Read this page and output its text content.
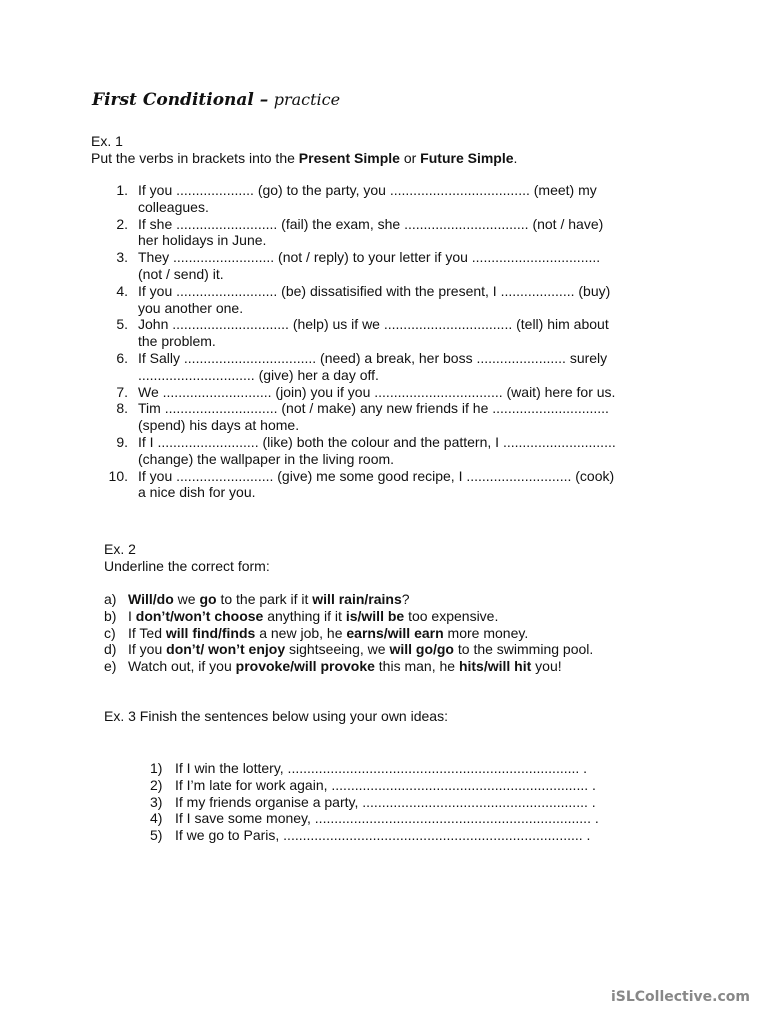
First Conditional – practice
Ex. 1
Put the verbs in brackets into the Present Simple or Future Simple.
1. If you .................... (go) to the party, you .................................... (meet) my
colleagues.
2. If she .......................... (fail) the exam, she ................................ (not / have)
her holidays in June.
3. They .......................... (not / reply) to your letter if you .................................
(not / send) it.
4. If you .......................... (be) dissatisified with the present, I ................... (buy)
you another one.
5. John .............................. (help) us if we ................................. (tell) him about
the problem.
6. If Sally .................................. (need) a break, her boss ....................... surely
.............................. (give) her a day off.
7. We ............................ (join) you if you ................................. (wait) here for us.
8. Tim ............................. (not / make) any new friends if he ..............................
(spend) his days at home.
9. If I .......................... (like) both the colour and the pattern, I .............................
(change) the wallpaper in the living room.
10. If you ......................... (give) me some good recipe, I ........................... (cook)
a nice dish for you.
Ex. 2
Underline the correct form:
a) Will/do we go to the park if it will rain/rains?
b) I don’t/won’t choose anything if it is/will be too expensive.
c) If Ted will find/finds a new job, he earns/will earn more money.
d) If you don’t/ won’t enjoy sightseeing, we will go/go to the swimming pool.
e) Watch out, if you provoke/will provoke this man, he hits/will hit you!
Ex. 3 Finish the sentences below using your own ideas:
1) If I win the lottery, ........................................................................... .
2) If I’m late for work again, .................................................................. .
3) If my friends organise a party, .......................................................... .
4) If I save some money, ....................................................................... .
5) If we go to Paris, ............................................................................. .
iSLCollective.com
